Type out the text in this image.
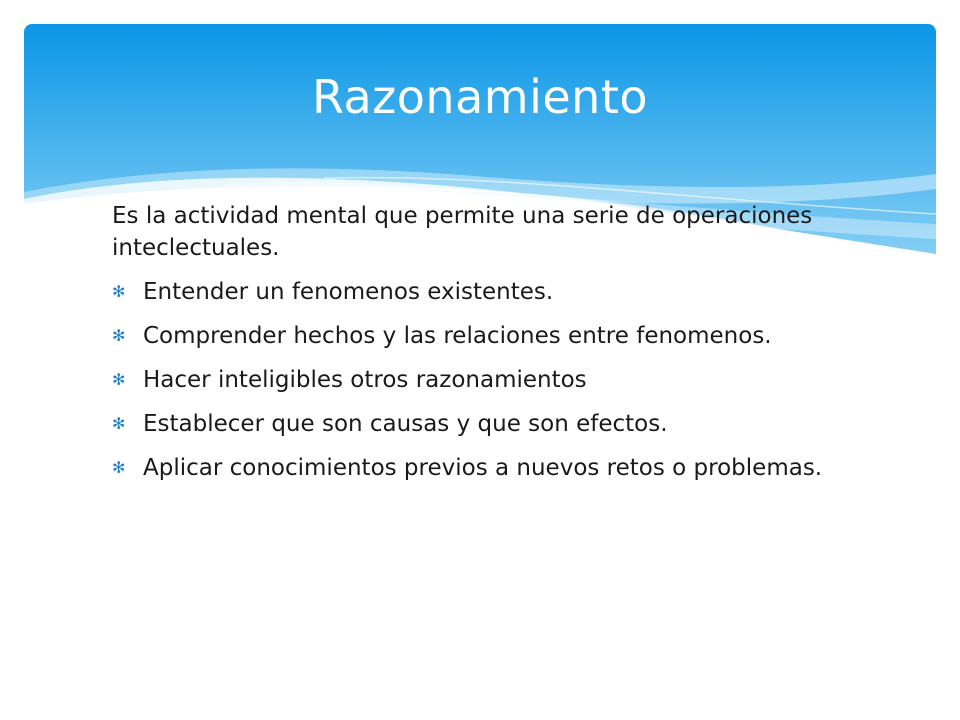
Razonamiento

Es la actividad mental que permite una serie de operaciones inteclectuales.

✻ Entender un fenomenos existentes.
✻ Comprender hechos y las relaciones entre fenomenos.
✻ Hacer inteligibles otros razonamientos
✻ Establecer que son causas y que son efectos.
✻ Aplicar conocimientos previos a nuevos retos o problemas.
